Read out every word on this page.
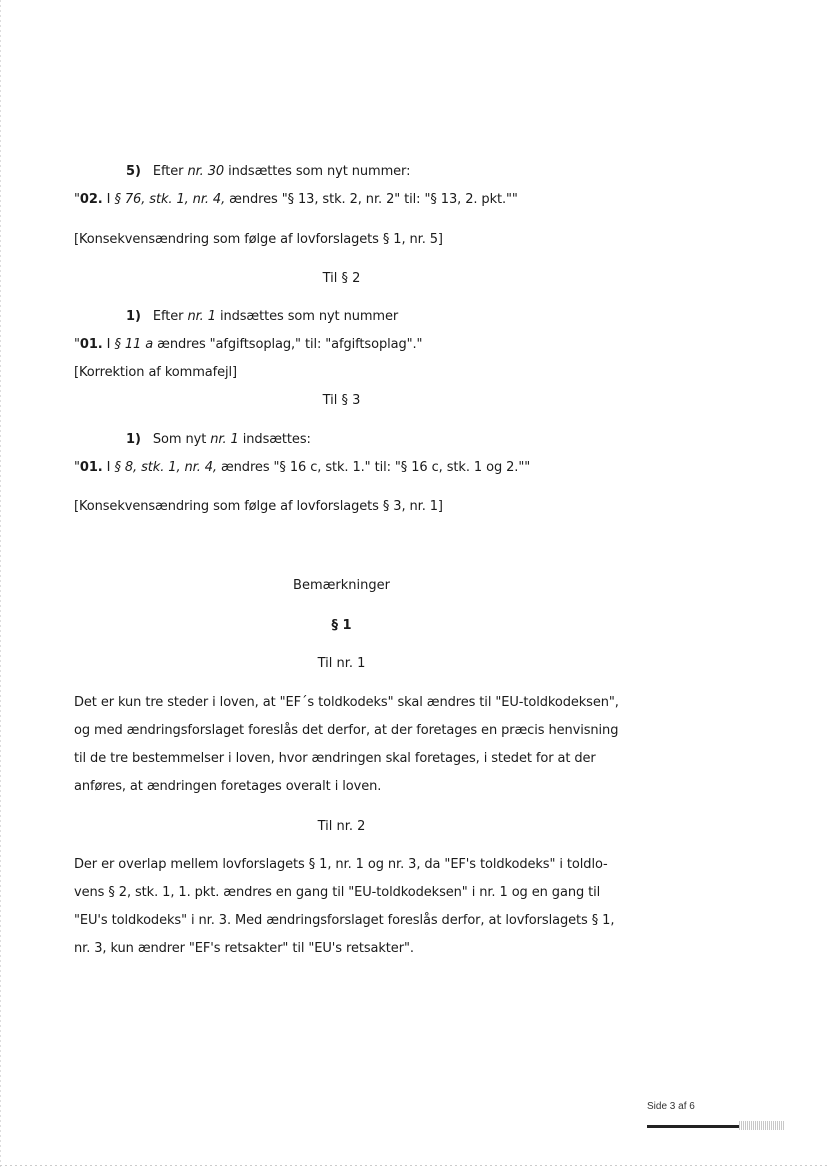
5) Efter nr. 30 indsættes som nyt nummer:
"02. I § 76, stk. 1, nr. 4, ændres "§ 13, stk. 2, nr. 2" til: "§ 13, 2. pkt.""
[Konsekvensændring som følge af lovforslagets § 1, nr. 5]
Til § 2
1) Efter nr. 1 indsættes som nyt nummer
"01. I § 11 a ændres "afgiftsoplag," til: "afgiftsoplag"."
[Korrektion af kommafejl]
Til § 3
1) Som nyt nr. 1 indsættes:
"01. I § 8, stk. 1, nr. 4, ændres "§ 16 c, stk. 1." til: "§ 16 c, stk. 1 og 2.""
[Konsekvensændring som følge af lovforslagets § 3, nr. 1]
Bemærkninger
§ 1
Til nr. 1
Det er kun tre steder i loven, at "EF´s toldkodeks" skal ændres til "EU-toldkodeksen",
og med ændringsforslaget foreslås det derfor, at der foretages en præcis henvisning
til de tre bestemmelser i loven, hvor ændringen skal foretages, i stedet for at der
anføres, at ændringen foretages overalt i loven.
Til nr. 2
Der er overlap mellem lovforslagets § 1, nr. 1 og nr. 3, da "EF's toldkodeks" i toldlo-
vens § 2, stk. 1, 1. pkt. ændres en gang til "EU-toldkodeksen" i nr. 1 og en gang til
"EU's toldkodeks" i nr. 3. Med ændringsforslaget foreslås derfor, at lovforslagets § 1,
nr. 3, kun ændrer "EF's retsakter" til "EU's retsakter".
Side 3 af 6
